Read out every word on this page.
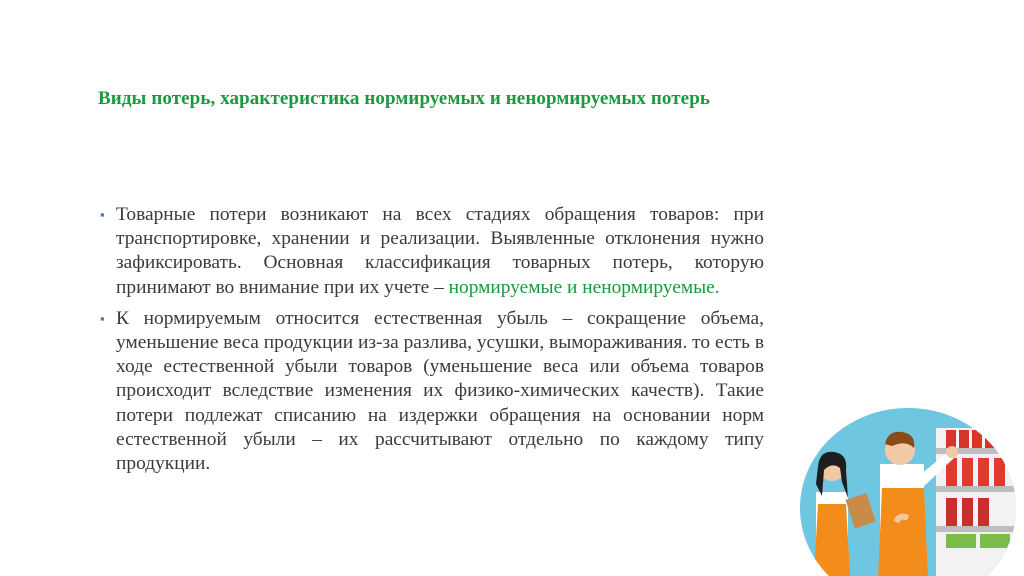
Виды потерь, характеристика нормируемых и ненормируемых потерь
▪ Товарные потери возникают на всех стадиях обращения товаров: при транспортировке, хранении и реализации. Выявленные отклонения нужно зафиксировать. Основная классификация товарных потерь, которую принимают во внимание при их учете – нормируемые и ненормируемые.
▪ К нормируемым относится естественная убыль – сокращение объема, уменьшение веса продукции из-за разлива, усушки, вымораживания. то есть в ходе естественной убыли товаров (уменьшение веса или объема товаров происходит вследствие изменения их физико-химических качеств). Такие потери подлежат списанию на издержки обращения на основании норм естественной убыли – их рассчитывают отдельно по каждому типу продукции.
